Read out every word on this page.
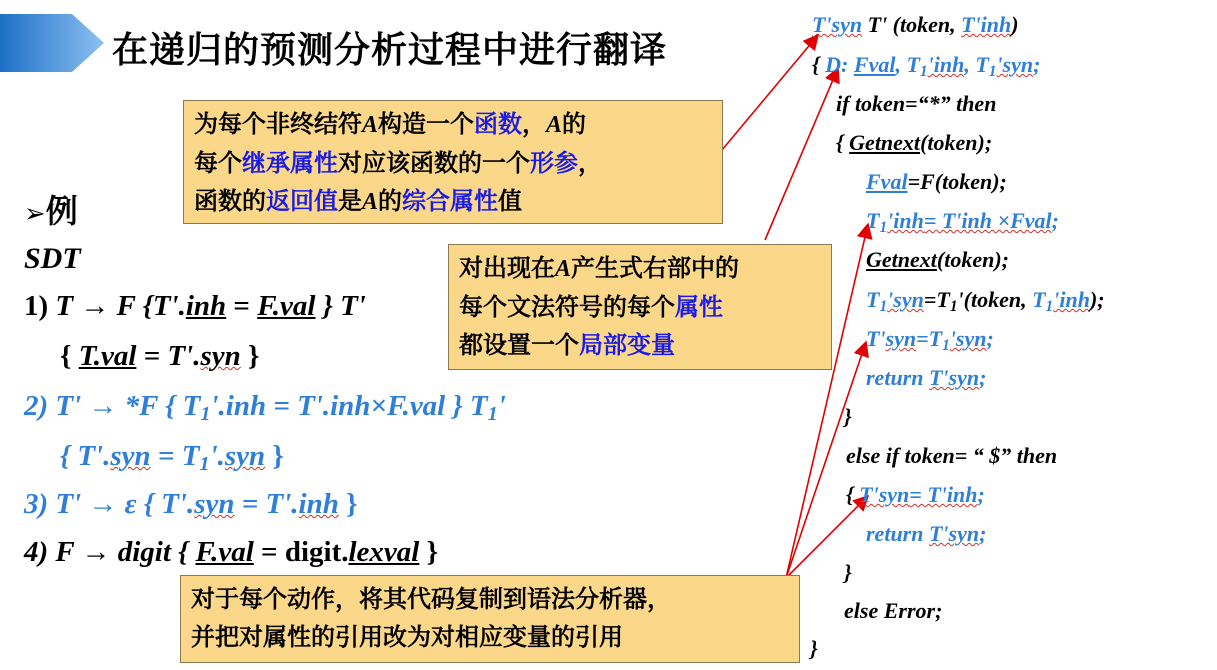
在递归的预测分析过程中进行翻译
为每个非终结符A构造一个函数，A的
每个继承属性对应该函数的一个形参，
函数的返回值是A的综合属性值
对出现在A产生式右部中的
每个文法符号的每个属性
都设置一个局部变量
对于每个动作，将其代码复制到语法分析器，
并把对属性的引用改为对相应变量的引用
➢例
SDT
1) T → F {T'.inh = F.val } T'
{ T.val = T'.syn }
2) T' → *F { $T_1'.inh = T'.inh\times F.val$ } $T_1'$
{ $T'.syn = T_1'.syn$ }
3) T' → ε { T'.syn = T'.inh }
4) F → digit { F.val = digit.lexval }
T'syn T' (token, T'inh)
{ D: Fval, $T_1'inh$, $T_1'syn$;
if token=“*” then
{ Getnext(token);
Fval=F(token);
$T_1'inh= T'inh$ ×Fval;
Getnext(token);
$T_1'syn=T_1'(token$, $T_1'inh$);
$T'syn=T_1'syn$;
return T'syn;
}
else if token= “ $” then
{ T'syn= T'inh;
return T'syn;
}
else Error;
}
